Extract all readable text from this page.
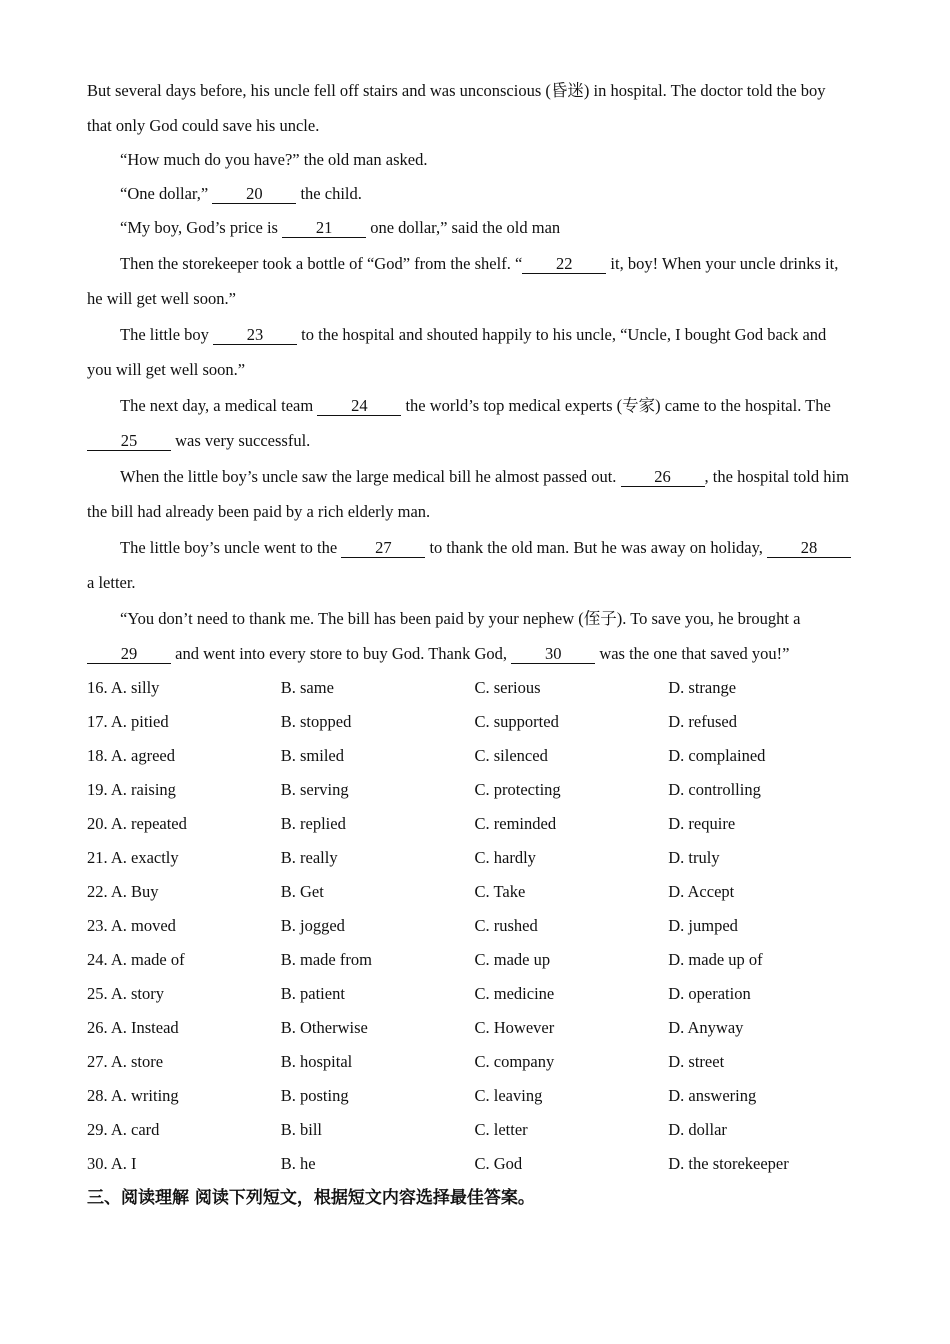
But several days before, his uncle fell off stairs and was unconscious (昏迷) in hospital. The doctor told the boy

that only God could save his uncle.

“How much do you have?” the old man asked.

“One dollar,” 20 the child.

“My boy, God’s price is 21 one dollar,” said the old man

Then the storekeeper took a bottle of “God” from the shelf. “ 22 it, boy! When your uncle drinks it,

he will get well soon.”

The little boy 23 to the hospital and shouted happily to his uncle, “Uncle, I bought God back and

you will get well soon.”

The next day, a medical team 24 the world’s top medical experts (专家) came to the hospital. The

25 was very successful.

When the little boy’s uncle saw the large medical bill he almost passed out. 26 , the hospital told him

the bill had already been paid by a rich elderly man.

The little boy’s uncle went to the 27 to thank the old man. But he was away on holiday, 28

a letter.

“You don’t need to thank me. The bill has been paid by your nephew (侄子). To save you, he brought a

29 and went into every store to buy God. Thank God, 30 was the one that saved you!”

16. A. silly	B. same	C. serious	D. strange
17. A. pitied	B. stopped	C. supported	D. refused
18. A. agreed	B. smiled	C. silenced	D. complained
19. A. raising	B. serving	C. protecting	D. controlling
20. A. repeated	B. replied	C. reminded	D. require
21. A. exactly	B. really	C. hardly	D. truly
22. A. Buy	B. Get	C. Take	D. Accept
23. A. moved	B. jogged	C. rushed	D. jumped
24. A. made of	B. made from	C. made up	D. made up of
25. A. story	B. patient	C. medicine	D. operation
26. A. Instead	B. Otherwise	C. However	D. Anyway
27. A. store	B. hospital	C. company	D. street
28. A. writing	B. posting	C. leaving	D. answering
29. A. card	B. bill	C. letter	D. dollar
30. A. I	B. he	C. God	D. the storekeeper
三、阅读理解 阅读下列短文，根据短文内容选择最佳答案。
